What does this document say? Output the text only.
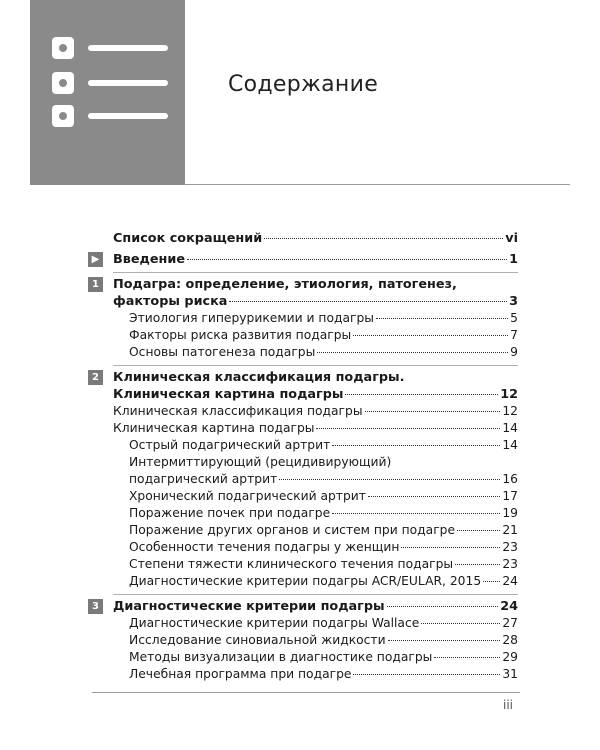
Содержание
Список сокращений	vi
▶ Введение	1
1	Подагра: определение, этиология, патогенез,
факторы риска	3
Этиология гиперурикемии и подагры	5
Факторы риска развития подагры	7
Основы патогенеза подагры	9
2	Клиническая классификация подагры.
Клиническая картина подагры	12
Клиническая классификация подагры	12
Клиническая картина подагры	14
Острый подагрический артрит	14
Интермиттирующий (рецидивирующий)
подагрический артрит	16
Хронический подагрический артрит	17
Поражение почек при подагре	19
Поражение других органов и систем при подагре	21
Особенности течения подагры у женщин	23
Степени тяжести клинического течения подагры	23
Диагностические критерии подагры ACR/EULAR, 2015 24
3	Диагностические критерии подагры	24
Диагностические критерии подагры Wallace	27
Исследование синовиальной жидкости	28
Методы визуализации в диагностике подагры	29
Лечебная программа при подагре	31
iii
